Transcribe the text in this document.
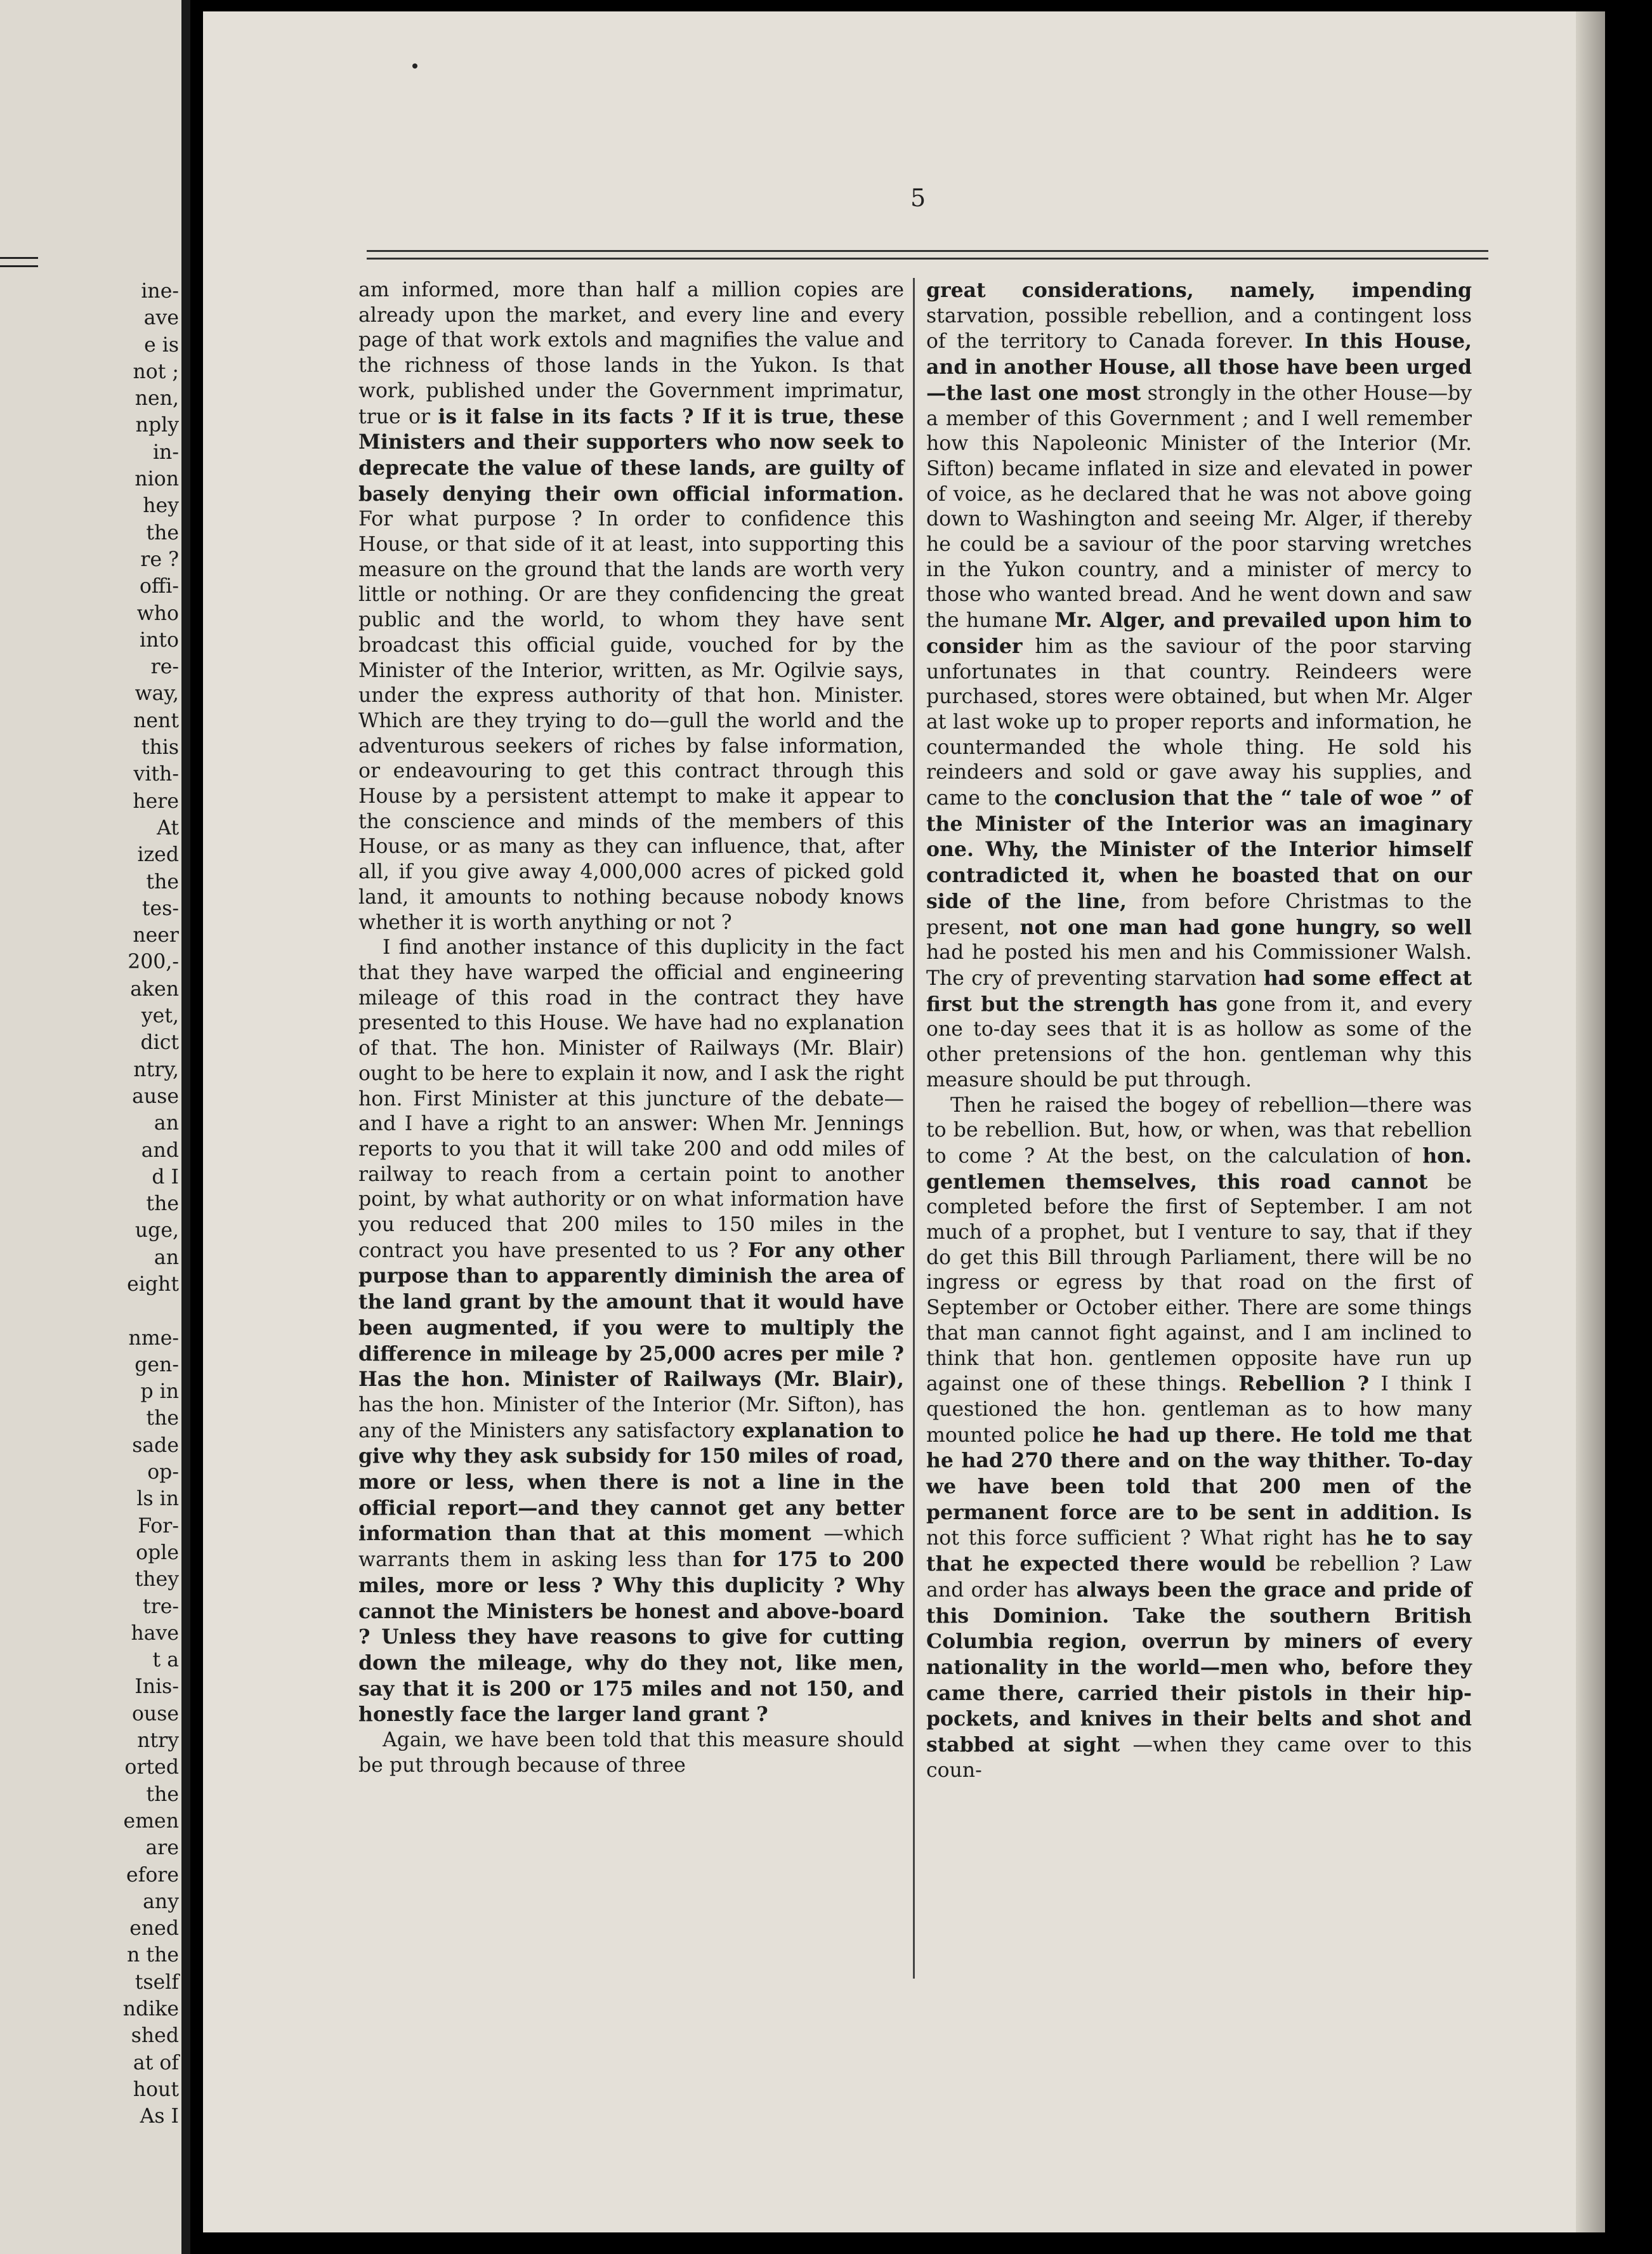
ine-
ave
e is
not ;
nen,
nply
in-
nion
hey
the
re ?
offi-
who
into
re-
way,
nent
this
vith-
here
At
ized
the
tes-
neer
200,-
aken
yet,
dict
ntry,
ause
an
and
d I
the
uge,
an
eight

nme-
gen-
p in
the
sade
op-
ls in
For-
ople
they
tre-
have
t a
Inis-
ouse
ntry
orted
the
emen
are
efore
any
ened
n the
tself
ndike
shed
at of
hout
As I
5

am informed, more than half a million copies are already upon the market, and every line and every page of that work extols and magnifies the value and the richness of those lands in the Yukon. Is that work, published under the Government imprimatur, true or is it false in its facts ? If it is true, these Ministers and their supporters who now seek to deprecate the value of these lands, are guilty of basely denying their own official information. For what purpose ? In order to confidence this House, or that side of it at least, into supporting this measure on the ground that the lands are worth very little or nothing. Or are they confidencing the great public and the world, to whom they have sent broadcast this official guide, vouched for by the Minister of the Interior, written, as Mr. Ogilvie says, under the express authority of that hon. Minister. Which are they trying to do—gull the world and the adventurous seekers of riches by false information, or endeavouring to get this contract through this House by a persistent attempt to make it appear to the conscience and minds of the members of this House, or as many as they can influence, that, after all, if you give away 4,000,000 acres of picked gold land, it amounts to nothing because nobody knows whether it is worth anything or not ?

I find another instance of this duplicity in the fact that they have warped the official and engineering mileage of this road in the contract they have presented to this House. We have had no explanation of that. The hon. Minister of Railways (Mr. Blair) ought to be here to explain it now, and I ask the right hon. First Minister at this juncture of the debate—and I have a right to an answer: When Mr. Jennings reports to you that it will take 200 and odd miles of railway to reach from a certain point to another point, by what authority or on what information have you reduced that 200 miles to 150 miles in the contract you have presented to us ? For any other purpose than to apparently diminish the area of the land grant by the amount that it would have been augmented, if you were to multiply the difference in mileage by 25,000 acres per mile ? Has the hon. Minister of Railways (Mr. Blair), has the hon. Minister of the Interior (Mr. Sifton), has any of the Ministers any satisfactory explanation to give why they ask subsidy for 150 miles of road, more or less, when there is not a line in the official report—and they cannot get any better information than that at this moment —which warrants them in asking less than for 175 to 200 miles, more or less ? Why this duplicity ? Why cannot the Ministers be honest and above-board ? Unless they have reasons to give for cutting down the mileage, why do they not, like men, say that it is 200 or 175 miles and not 150, and honestly face the larger land grant ?

Again, we have been told that this measure should be put through because of three

great considerations, namely, impending starvation, possible rebellion, and a contingent loss of the territory to Canada forever. In this House, and in another House, all those have been urged—the last one most strongly in the other House—by a member of this Government ; and I well remember how this Napoleonic Minister of the Interior (Mr. Sifton) became inflated in size and elevated in power of voice, as he declared that he was not above going down to Washington and seeing Mr. Alger, if thereby he could be a saviour of the poor starving wretches in the Yukon country, and a minister of mercy to those who wanted bread. And he went down and saw the humane Mr. Alger, and prevailed upon him to consider him as the saviour of the poor starving unfortunates in that country. Reindeers were purchased, stores were obtained, but when Mr. Alger at last woke up to proper reports and information, he countermanded the whole thing. He sold his reindeers and sold or gave away his supplies, and came to the conclusion that the “ tale of woe ” of the Minister of the Interior was an imaginary one. Why, the Minister of the Interior himself contradicted it, when he boasted that on our side of the line, from before Christmas to the present, not one man had gone hungry, so well had he posted his men and his Commissioner Walsh. The cry of preventing starvation had some effect at first but the strength has gone from it, and every one to-day sees that it is as hollow as some of the other pretensions of the hon. gentleman why this measure should be put through.

Then he raised the bogey of rebellion—there was to be rebellion. But, how, or when, was that rebellion to come ? At the best, on the calculation of hon. gentlemen themselves, this road cannot be completed before the first of September. I am not much of a prophet, but I venture to say, that if they do get this Bill through Parliament, there will be no ingress or egress by that road on the first of September or October either. There are some things that man cannot fight against, and I am inclined to think that hon. gentlemen opposite have run up against one of these things. Rebellion ? I think I questioned the hon. gentleman as to how many mounted police he had up there. He told me that he had 270 there and on the way thither. To-day we have been told that 200 men of the permanent force are to be sent in addition. Is not this force sufficient ? What right has he to say that he expected there would be rebellion ? Law and order has always been the grace and pride of this Dominion. Take the southern British Columbia region, overrun by miners of every nationality in the world—men who, before they came there, carried their pistols in their hip-pockets, and knives in their belts and shot and stabbed at sight —when they came over to this coun-
